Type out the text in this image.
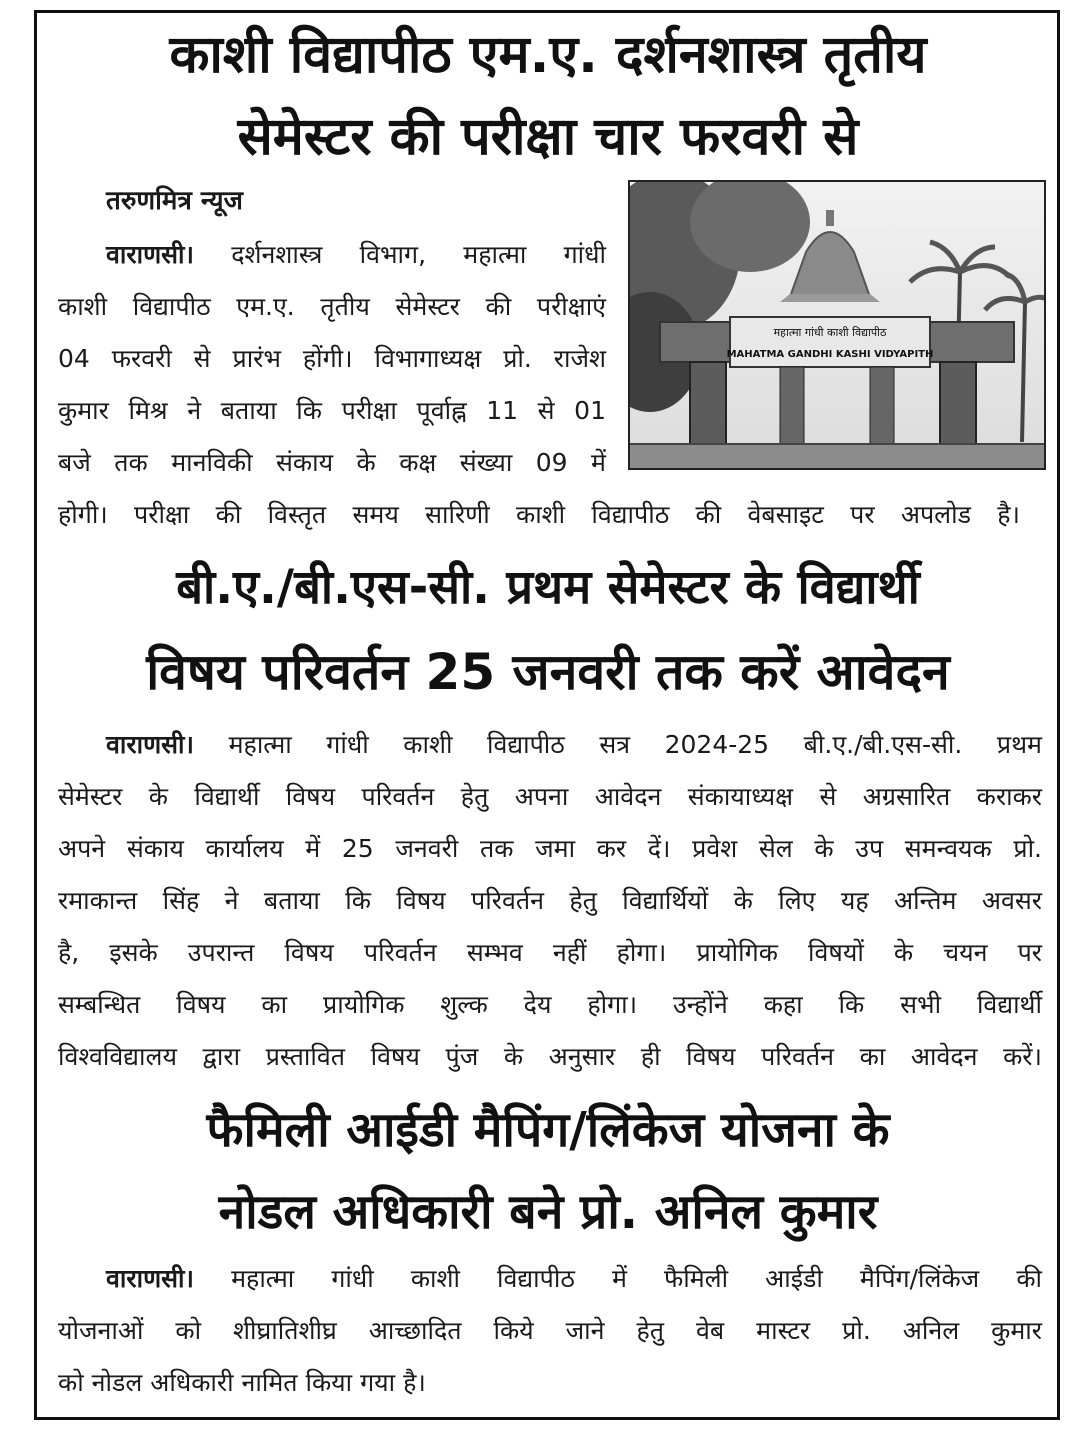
काशी विद्यापीठ एम.ए. दर्शनशास्त्र तृतीय
सेमेस्टर की परीक्षा चार फरवरी से
तरुणमित्र न्यूज
वाराणसी। दर्शनशास्त्र विभाग, महात्मा गांधी
काशी विद्यापीठ एम.ए. तृतीय सेमेस्टर की परीक्षाएं
04 फरवरी से प्रारंभ होंगी। विभागाध्यक्ष प्रो. राजेश
कुमार मिश्र ने बताया कि परीक्षा पूर्वाह्न 11 से 01
बजे तक मानविकी संकाय के कक्ष संख्या 09 में
होगी। परीक्षा की विस्तृत समय सारिणी काशी विद्यापीठ की वेबसाइट पर अपलोड है।
महात्मा गांधी काशी विद्यापीठ
MAHATMA GANDHI KASHI VIDYAPITH
बी.ए./बी.एस-सी. प्रथम सेमेस्टर के विद्यार्थी
विषय परिवर्तन 25 जनवरी तक करें आवेदन
वाराणसी। महात्मा गांधी काशी विद्यापीठ सत्र 2024-25 बी.ए./बी.एस-सी. प्रथम
सेमेस्टर के विद्यार्थी विषय परिवर्तन हेतु अपना आवेदन संकायाध्यक्ष से अग्रसारित कराकर
अपने संकाय कार्यालय में 25 जनवरी तक जमा कर दें। प्रवेश सेल के उप समन्वयक प्रो.
रमाकान्त सिंह ने बताया कि विषय परिवर्तन हेतु विद्यार्थियों के लिए यह अन्तिम अवसर
है, इसके उपरान्त विषय परिवर्तन सम्भव नहीं होगा। प्रायोगिक विषयों के चयन पर
सम्बन्धित विषय का प्रायोगिक शुल्क देय होगा। उन्होंने कहा कि सभी विद्यार्थी
विश्वविद्यालय द्वारा प्रस्तावित विषय पुंज के अनुसार ही विषय परिवर्तन का आवेदन करें।
फैमिली आईडी मैपिंग/लिंकेज योजना के
नोडल अधिकारी बने प्रो. अनिल कुमार
वाराणसी। महात्मा गांधी काशी विद्यापीठ में फैमिली आईडी मैपिंग/लिंकेज की
योजनाओं को शीघ्रातिशीघ्र आच्छादित किये जाने हेतु वेब मास्टर प्रो. अनिल कुमार
को नोडल अधिकारी नामित किया गया है।
